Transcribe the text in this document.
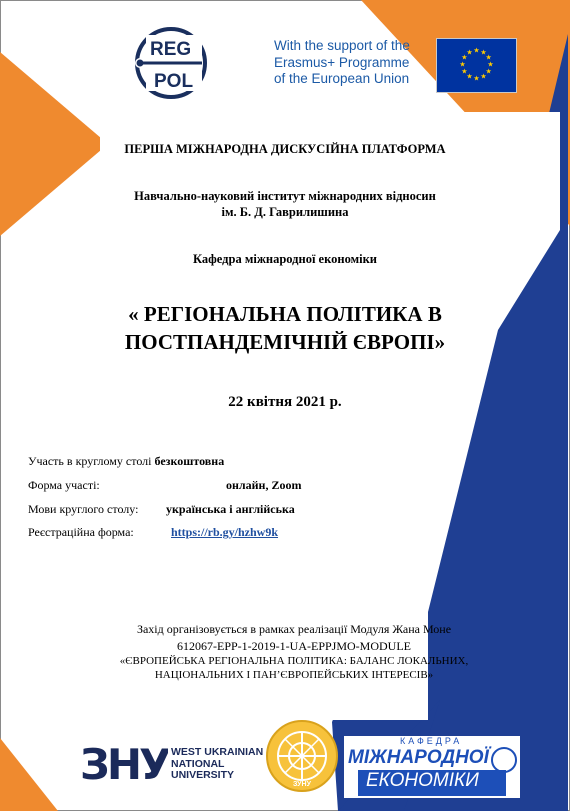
REG
POL
With the support of the
Erasmus+ Programme
of the European Union
★ ★
★
★
★
★
★
★
★
★
★
★
ПЕРША МІЖНАРОДНА ДИСКУСІЙНА ПЛАТФОРМА
Навчально-науковий інститут міжнародних відносин
ім. Б. Д. Гаврилишина
Кафедра міжнародної економіки
« РЕГІОНАЛЬНА ПОЛІТИКА В
ПОСТПАНДЕМІЧНІЙ ЄВРОПІ»
22 квітня 2021 р.
Участь в круглому столі безкоштовна
Форма участі:	онлайн, Zoom
Мови круглого столу: українська і англійська
Реєстраційна форма:	https://rb.gy/hzhw9k
Захід організовується в рамках реалізації Модуля Жана Моне
612067-EPP-1-2019-1-UA-EPPJMO-MODULE
«ЄВРОПЕЙСЬКА РЕГІОНАЛЬНА ПОЛІТИКА: БАЛАНС ЛОКАЛЬНИХ,
НАЦІОНАЛЬНИХ І ПАН’ЄВРОПЕЙСЬКИХ ІНТЕРЕСІВ»
ЗНУ WEST UKRAINIAN
NATIONAL
UNIVERSITY
ЗУНУ
КАФЕДРА
МІЖНАРОДНОЇ
ЕКОНОМІКИ
